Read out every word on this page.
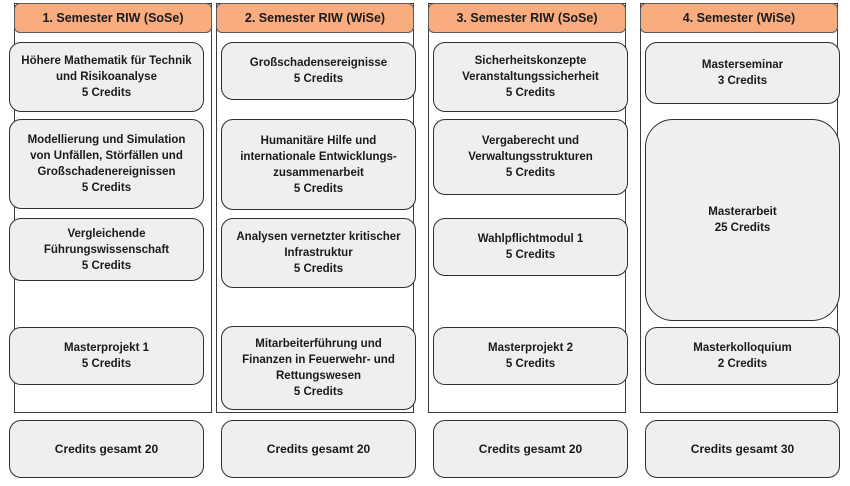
1. Semester RIW (SoSe)	2. Semester RIW (WiSe)	3. Semester RIW (SoSe)	4. Semester (WiSe)
Höhere Mathematik für Technik
und Risikoanalyse
5 Credits
Modellierung und Simulation
von Unfällen, Störfällen und
Großschadenereignissen
5 Credits
Vergleichende
Führungswissenschaft
5 Credits
Masterprojekt 1
5 Credits
Großschadensereignisse
5 Credits
Humanitäre Hilfe und
internationale Entwicklungs-
zusammenarbeit
5 Credits
Analysen vernetzter kritischer
Infrastruktur
5 Credits
Mitarbeiterführung und
Finanzen in Feuerwehr- und
Rettungswesen
5 Credits
Sicherheitskonzepte
Veranstaltungssicherheit
5 Credits
Vergaberecht und
Verwaltungsstrukturen
5 Credits
Wahlpflichtmodul 1
5 Credits
Masterprojekt 2
5 Credits
Masterseminar
3 Credits
Masterarbeit
25 Credits
Masterkolloquium
2 Credits
Credits gesamt 20	Credits gesamt 20	Credits gesamt 20	Credits gesamt 30
